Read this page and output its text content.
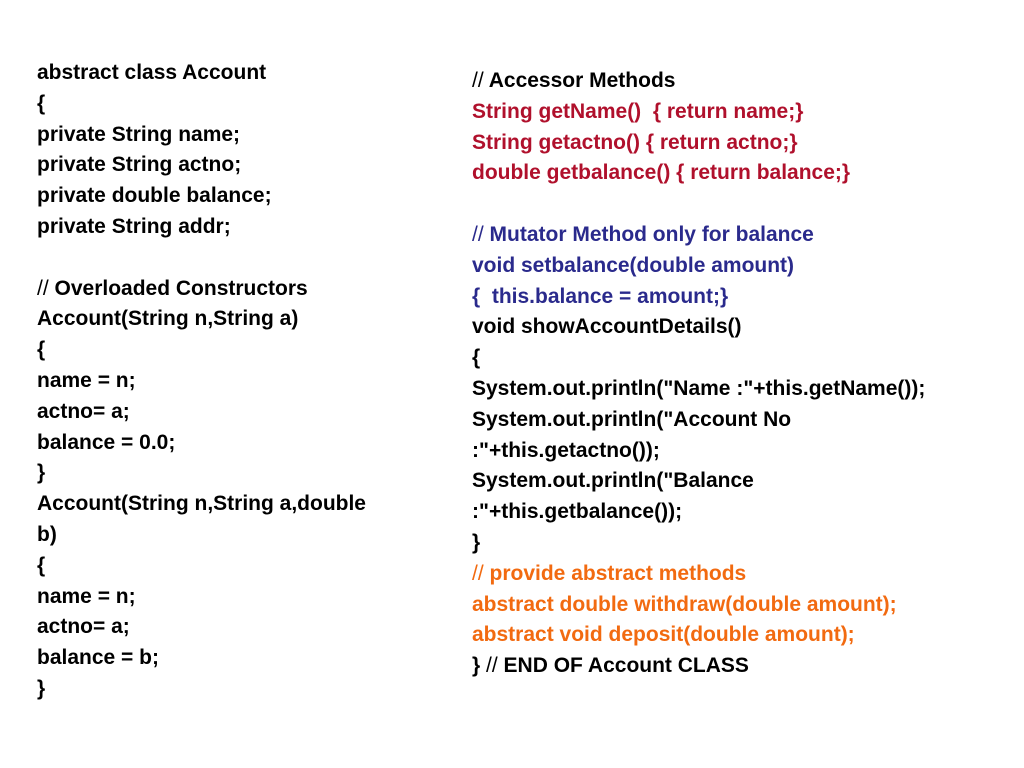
abstract class Account
{
private String name;
private String actno;
private double balance;
private String addr;
// Overloaded Constructors
Account(String n,String a)
{
name = n;
actno= a;
balance = 0.0;
}
Account(String n,String a,double
b)
{
name = n;
actno= a;
balance = b;
}
// Accessor Methods
String getName()  { return name;}
String getactno() { return actno;}
double getbalance() { return balance;}
// Mutator Method only for balance
void setbalance(double amount)
{  this.balance = amount;}
void showAccountDetails()
{
System.out.println("Name :"+this.getName());
System.out.println("Account No
:"+this.getactno());
System.out.println("Balance
:"+this.getbalance());
}
// provide abstract methods
abstract double withdraw(double amount);
abstract void deposit(double amount);
} // END OF Account CLASS
